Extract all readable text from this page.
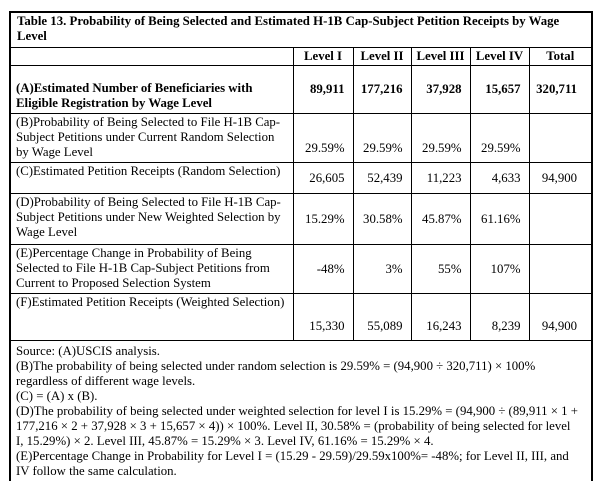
Table 13. Probability of Being Selected and Estimated H-1B Cap-Subject Petition Receipts by Wage Level					
	Level I	Level II	Level III	Level IV	Total
(A)Estimated Number of Beneficiaries with Eligible Registration by Wage Level	89,911	177,216	37,928	15,657	320,711
(B)Probability of Being Selected to File H-1B Cap-Subject Petitions under Current Random Selection by Wage Level	29.59%	29.59%	29.59%	29.59%	
(C)Estimated Petition Receipts (Random Selection)	26,605	52,439	11,223	4,633	94,900
(D)Probability of Being Selected to File H-1B Cap-Subject Petitions under New Weighted Selection by Wage Level	15.29%	30.58%	45.87%	61.16%	
(E)Percentage Change in Probability of Being Selected to File H-1B Cap-Subject Petitions from Current to Proposed Selection System	-48%	3%	55%	107%	
(F)Estimated Petition Receipts (Weighted Selection)	15,330	55,089	16,243	8,239	94,900

Source: (A)USCIS analysis.

(B)The probability of being selected under random selection is 29.59% = (94,900 ÷ 320,711) × 100% regardless of different wage levels.

(C) = (A) x (B).

(D)The probability of being selected under weighted selection for level I is 15.29% = (94,900 ÷ (89,911 × 1 + 177,216 × 2 + 37,928 × 3 + 15,657 × 4)) × 100%. Level II, 30.58% = (probability of being selected for level I, 15.29%) × 2. Level III, 45.87% = 15.29% × 3. Level IV, 61.16% = 15.29% × 4.

(E)Percentage Change in Probability for Level I = (15.29 - 29.59)/29.59x100%= -48%; for Level II, III, and IV follow the same calculation.					
